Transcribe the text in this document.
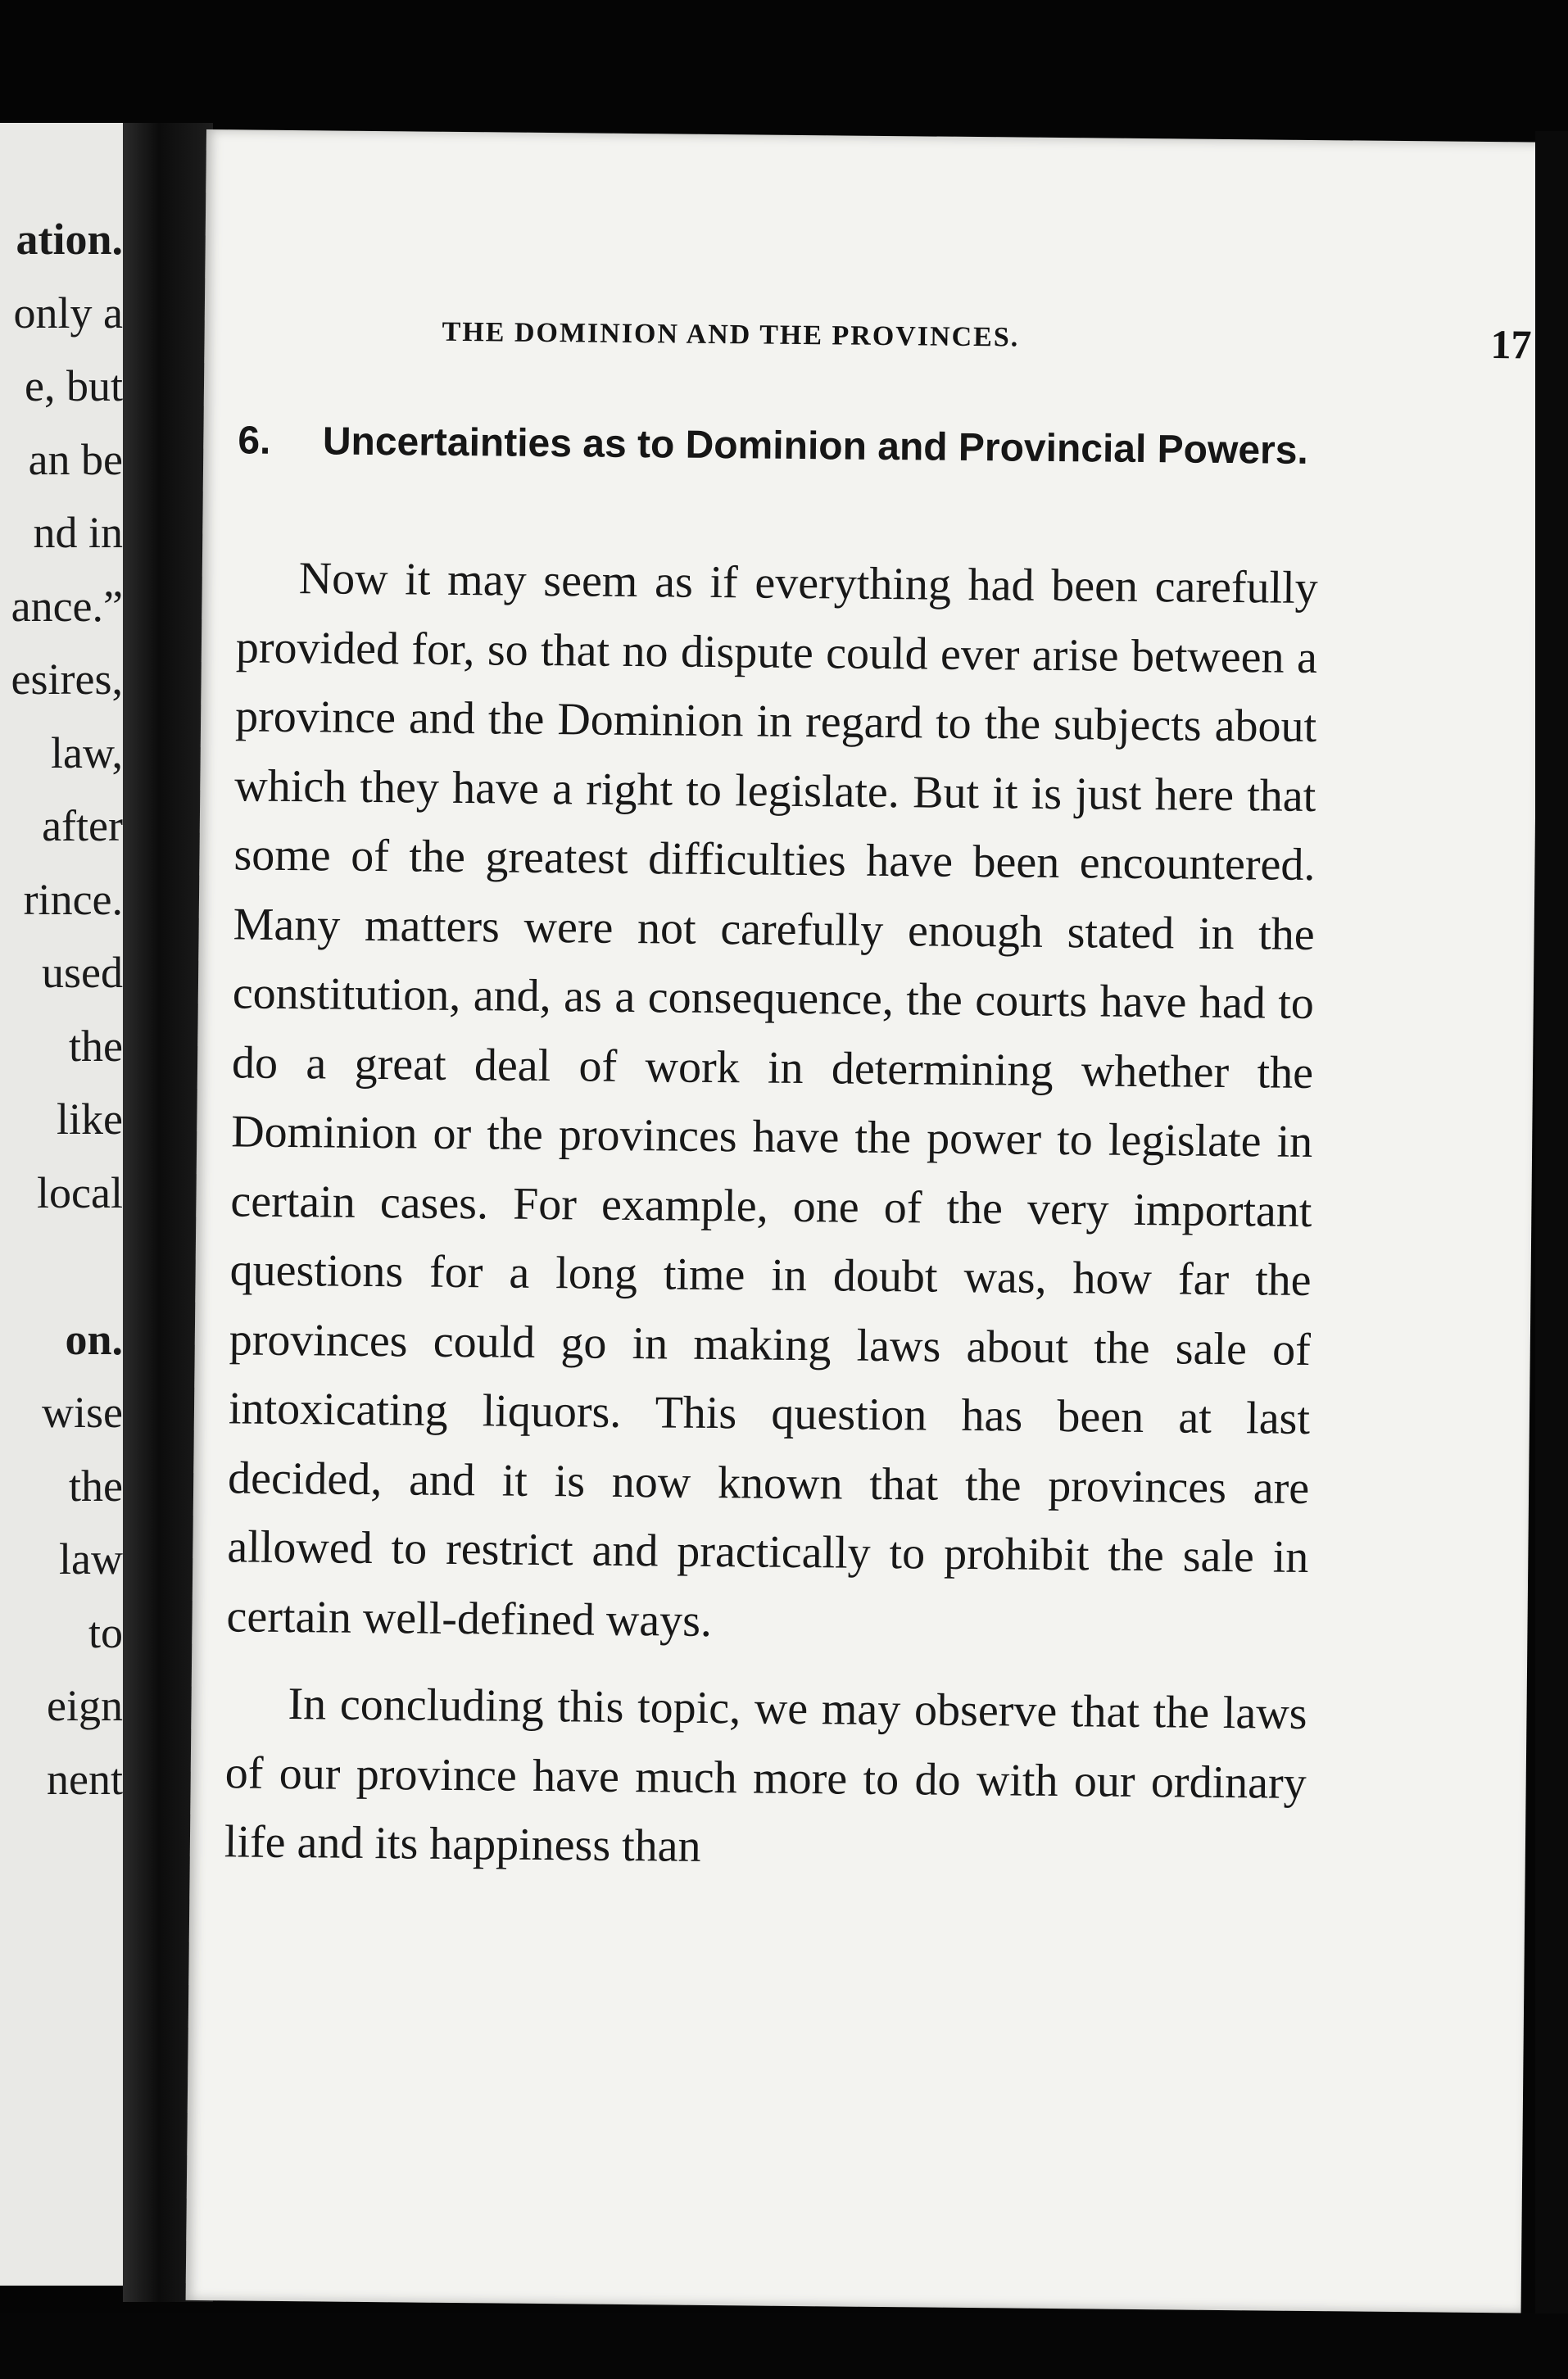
ation.
only a
e, but
an be
nd in
ance.”
esires,
law,
after
rince.
used
the
like
local
on.
wise
the
law
to
eign
nent
THE DOMINION AND THE PROVINCES.	17
6.	Uncertainties as to Dominion and Provincial Powers.

Now it may seem as if everything had been carefully provided for, so that no dispute could ever arise between a province and the Dominion in regard to the subjects about which they have a right to legislate. But it is just here that some of the greatest difficulties have been encountered. Many matters were not carefully enough stated in the constitution, and, as a consequence, the courts have had to do a great deal of work in determining whether the Dominion or the provinces have the power to legislate in certain cases. For example, one of the very important questions for a long time in doubt was, how far the provinces could go in making laws about the sale of intoxicating liquors. This question has been at last decided, and it is now known that the provinces are allowed to restrict and practically to prohibit the sale in certain well-defined ways.

In concluding this topic, we may observe that the laws of our province have much more to do with our ordinary life and its happiness than
